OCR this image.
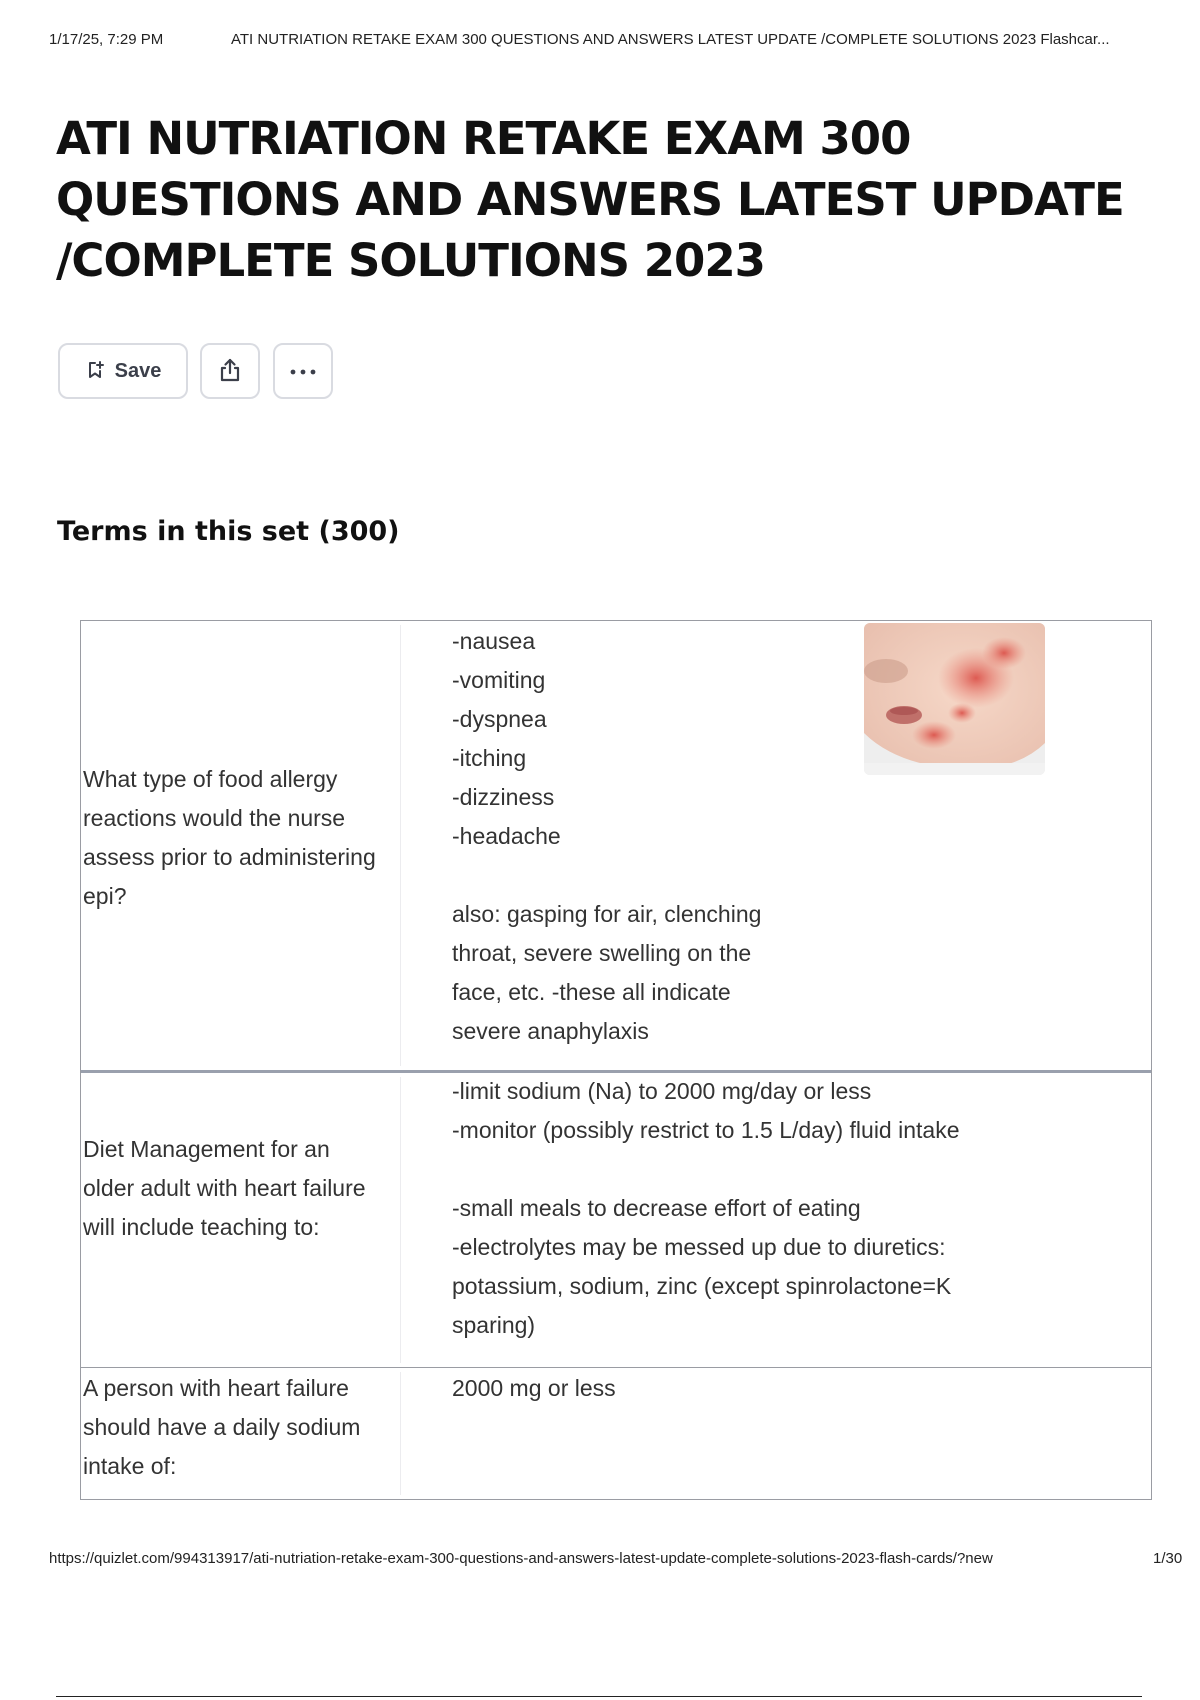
1/17/25, 7:29 PM	ATI NUTRIATION RETAKE EXAM 300 QUESTIONS AND ANSWERS LATEST UPDATE /COMPLETE SOLUTIONS 2023 Flashcar...
ATI NUTRIATION RETAKE EXAM 300 QUESTIONS AND ANSWERS LATEST UPDATE /COMPLETE SOLUTIONS 2023
Save
Terms in this set (300)
What type of food allergy reactions would the nurse assess prior to administering epi?

-nausea

-vomiting

-dyspnea

-itching

-dizziness

-headache

also: gasping for air, clenching throat, severe swelling on the face, etc. -these all indicate severe anaphylaxis

Diet Management for an older adult with heart failure will include teaching to:

-limit sodium (Na) to 2000 mg/day or less

-monitor (possibly restrict to 1.5 L/day) fluid intake

-small meals to decrease effort of eating

-electrolytes may be messed up due to diuretics: potassium, sodium, zinc (except spinrolactone=K sparing)

A person with heart failure should have a daily sodium intake of:

2000 mg or less

https://quizlet.com/994313917/ati-nutriation-retake-exam-300-questions-and-answers-latest-update-complete-solutions-2023-flash-cards/?new	1/30
